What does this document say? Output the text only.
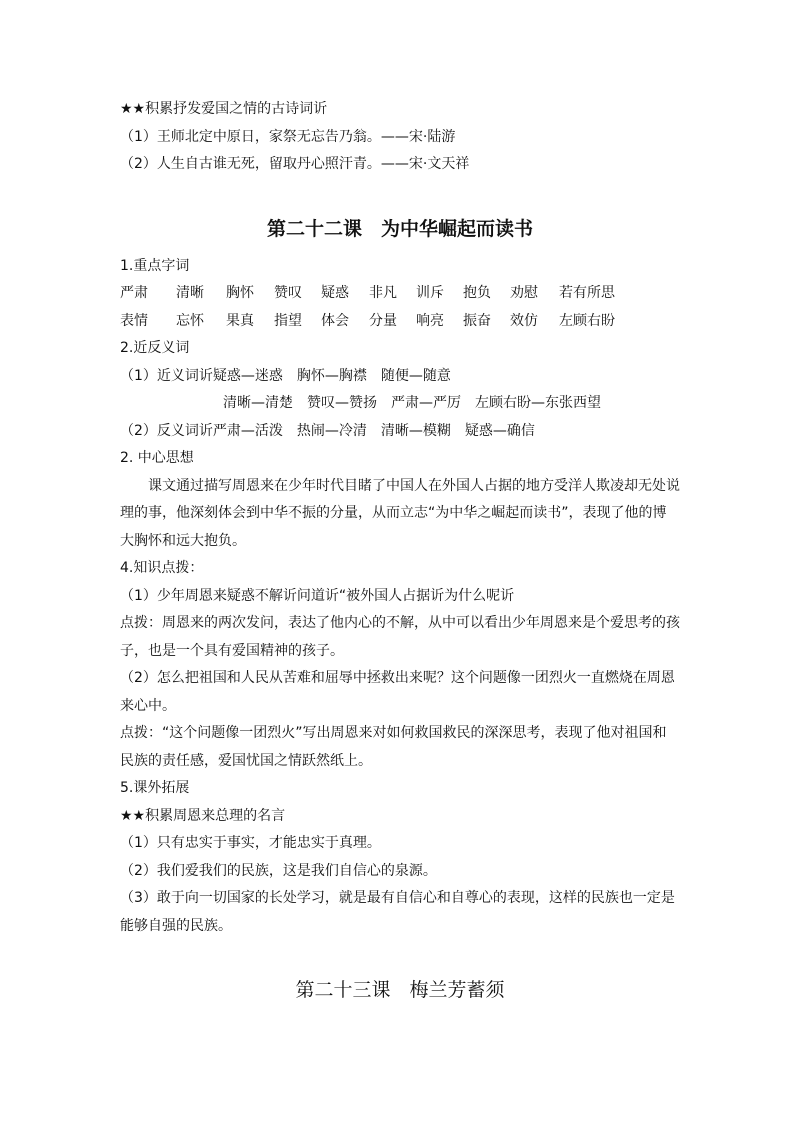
★★积累抒发爱国之情的古诗词䜣
（1）王师北定中原日，家祭无忘告乃翁。——宋·陆游
（2）人生自古谁无死，留取丹心照汗青。——宋·文天祥
第二十二课　为中华崛起而读书
1.重点字词
严肃	清晰	胸怀	赞叹	疑惑	非凡	训斥	抱负	劝慰	若有所思
表情	忘怀	果真	指望	体会	分量	响亮	振奋	效仿	左顾右盼
2.近反义词
（1）近义词䜣疑惑—迷惑　胸怀—胸襟　随便—随意
清晰—清楚　赞叹—赞扬　严肃—严厉　左顾右盼—东张西望
（2）反义词䜣严肃—活泼　热闹—冷清　清晰—模糊　疑惑—确信
2. 中心思想
课文通过描写周恩来在少年时代目睹了中国人在外国人占据的地方受洋人欺凌却无处说理的事，他深刻体会到中华不振的分量，从而立志“为中华之崛起而读书”，表现了他的博大胸怀和远大抱负。
4.知识点拨：
（1）少年周恩来疑惑不解䜣问道䜣“被外国人占据䜣为什么呢䜣
点拨：周恩来的两次发问，表达了他内心的不解，从中可以看出少年周恩来是个爱思考的孩子，也是一个具有爱国精神的孩子。
（2）怎么把祖国和人民从苦难和屈辱中拯救出来呢？这个问题像一团烈火一直燃烧在周恩来心中。
点拨：“这个问题像一团烈火”写出周恩来对如何救国救民的深深思考，表现了他对祖国和民族的责任感，爱国忧国之情跃然纸上。
5.课外拓展
★★积累周恩来总理的名言
（1）只有忠实于事实，才能忠实于真理。
（2）我们爱我们的民族，这是我们自信心的泉源。
（3）敢于向一切国家的长处学习，就是最有自信心和自尊心的表现，这样的民族也一定是能够自强的民族。
第二十三课　梅兰芳蓄须
